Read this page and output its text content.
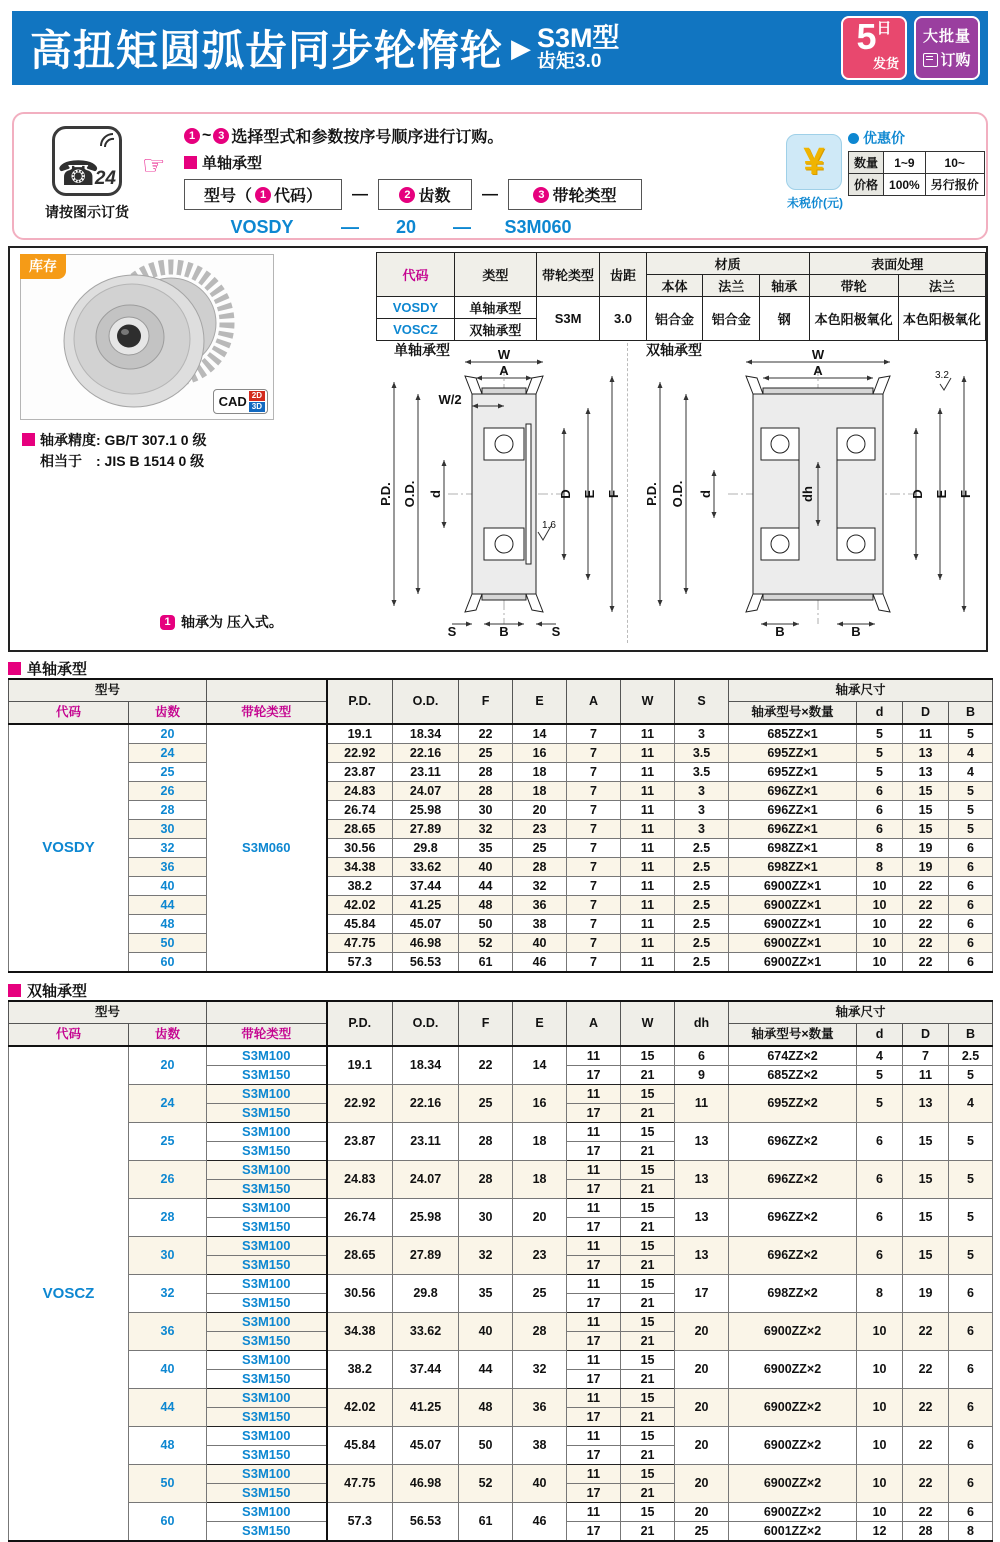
高扭矩圆弧齿同步轮惰轮 ▶ S3M型
齿矩3.0
5 日
发货
大批量
订购
☎
24
请按图示订货
☞
1 ~ 3 选择型式和参数按序号顺序进行订购。
单轴承型
型号（ 1 代码） —	2 齿数 —	3 带轮类型
VOSDY	—	20	—	S3M060
¥
未税价(元)
优惠价
数量	1~9	10~
价格	100%	另行报价
库存
CAD 2D
3D
轴承精度: GB/T 307.1 0 级
相当于　: JIS B 1514 0 级
代码	类型	带轮类型	齿距	材质			表面处理	
				本体	法兰	轴承	带轮	法兰
VOSDY	单轴承型	S3M	3.0	铝合金	铝合金	钢	本色阳极氧化	本色阳极氧化
VOSCZ	双轴承型							
单轴承型	双轴承型
W
A
W/2
P.D. O.D. d	D E F
S	B	S
1.6
dh
W
A
P.D. O.D. d	D E F
B	B
3.2
1 轴承为 压入式。
单轴承型
型号			P.D.	O.D.	F	E	A	W	S	轴承尺寸			
代码	齿数	带轮类型								轴承型号×数量	d	D	B
VOSDY	20	S3M060	19.1	18.34	22	14	7	11	3	685ZZ×1	5	11	5
	24		22.92	22.16	25	16	7	11	3.5	695ZZ×1	5	13	4
	25		23.87	23.11	28	18	7	11	3.5	695ZZ×1	5	13	4
	26		24.83	24.07	28	18	7	11	3	696ZZ×1	6	15	5
	28		26.74	25.98	30	20	7	11	3	696ZZ×1	6	15	5
	30		28.65	27.89	32	23	7	11	3	696ZZ×1	6	15	5
	32		30.56	29.8	35	25	7	11	2.5	698ZZ×1	8	19	6
	36		34.38	33.62	40	28	7	11	2.5	698ZZ×1	8	19	6
	40		38.2	37.44	44	32	7	11	2.5	6900ZZ×1	10	22	6
	44		42.02	41.25	48	36	7	11	2.5	6900ZZ×1	10	22	6
	48		45.84	45.07	50	38	7	11	2.5	6900ZZ×1	10	22	6
	50		47.75	46.98	52	40	7	11	2.5	6900ZZ×1	10	22	6
	60		57.3	56.53	61	46	7	11	2.5	6900ZZ×1	10	22	6
双轴承型
型号			P.D.	O.D.	F	E	A	W	dh	轴承尺寸			
代码	齿数	带轮类型								轴承型号×数量	d	D	B
VOSCZ	20	S3M100	19.1	18.34	22	14	11	15	6	674ZZ×2	4	7	2.5
		S3M150					17	21	9	685ZZ×2	5	11	5
	24	S3M100	22.92	22.16	25	16	11	15	11	695ZZ×2	5	13	4
		S3M150					17	21					
	25	S3M100	23.87	23.11	28	18	11	15	13	696ZZ×2	6	15	5
		S3M150					17	21					
	26	S3M100	24.83	24.07	28	18	11	15	13	696ZZ×2	6	15	5
		S3M150					17	21					
	28	S3M100	26.74	25.98	30	20	11	15	13	696ZZ×2	6	15	5
		S3M150					17	21					
	30	S3M100	28.65	27.89	32	23	11	15	13	696ZZ×2	6	15	5
		S3M150					17	21					
	32	S3M100	30.56	29.8	35	25	11	15	17	698ZZ×2	8	19	6
		S3M150					17	21					
	36	S3M100	34.38	33.62	40	28	11	15	20	6900ZZ×2	10	22	6
		S3M150					17	21					
	40	S3M100	38.2	37.44	44	32	11	15	20	6900ZZ×2	10	22	6
		S3M150					17	21					
	44	S3M100	42.02	41.25	48	36	11	15	20	6900ZZ×2	10	22	6
		S3M150					17	21					
	48	S3M100	45.84	45.07	50	38	11	15	20	6900ZZ×2	10	22	6
		S3M150					17	21					
	50	S3M100	47.75	46.98	52	40	11	15	20	6900ZZ×2	10	22	6
		S3M150					17	21					
	60	S3M100	57.3	56.53	61	46	11	15	20	6900ZZ×2	10	22	6
		S3M150					17	21	25	6001ZZ×2	12	28	8
